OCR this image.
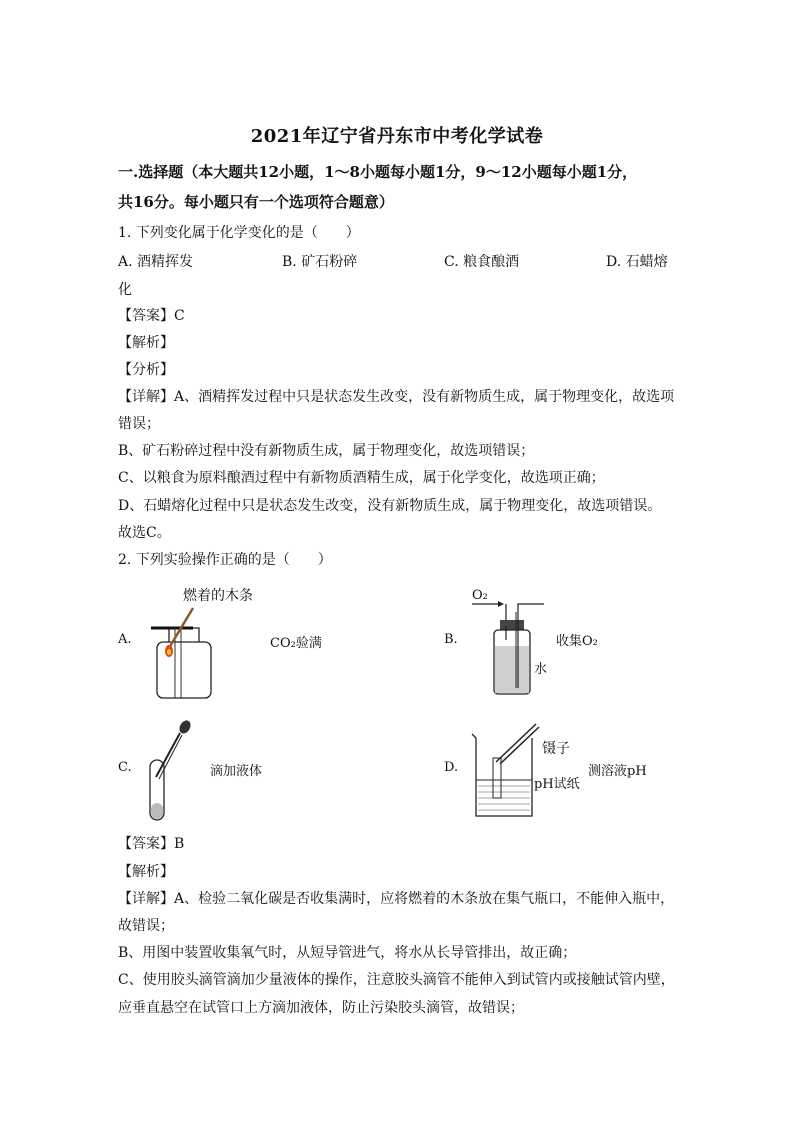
2021年辽宁省丹东市中考化学试卷
一.选择题（本大题共12小题，1～8小题每小题1分，9～12小题每小题1分，
共16分。每小题只有一个选项符合题意）
1. 下列变化属于化学变化的是（　　）
A. 酒精挥发	B. 矿石粉碎	C. 粮食酿酒	D. 石蜡熔
化
【答案】C
【解析】
【分析】
【详解】A、酒精挥发过程中只是状态发生改变，没有新物质生成，属于物理变化，故选项
错误；
B、矿石粉碎过程中没有新物质生成，属于物理变化，故选项错误；
C、以粮食为原料酿酒过程中有新物质酒精生成，属于化学变化，故选项正确；
D、石蜡熔化过程中只是状态发生改变，没有新物质生成，属于物理变化，故选项错误。
故选C。
2. 下列实验操作正确的是（　　）
燃着的木条
A.	CO₂验满
O₂
B.	收集O₂
水
C.	滴加液体	D.
镊子
pH试纸
测溶液pH
【答案】B
【解析】
【详解】A、检验二氧化碳是否收集满时，应将燃着的木条放在集气瓶口，不能伸入瓶中，
故错误；
B、用图中装置收集氧气时，从短导管进气，将水从长导管排出，故正确；
C、使用胶头滴管滴加少量液体的操作，注意胶头滴管不能伸入到试管内或接触试管内壁，
应垂直悬空在试管口上方滴加液体，防止污染胶头滴管，故错误；
